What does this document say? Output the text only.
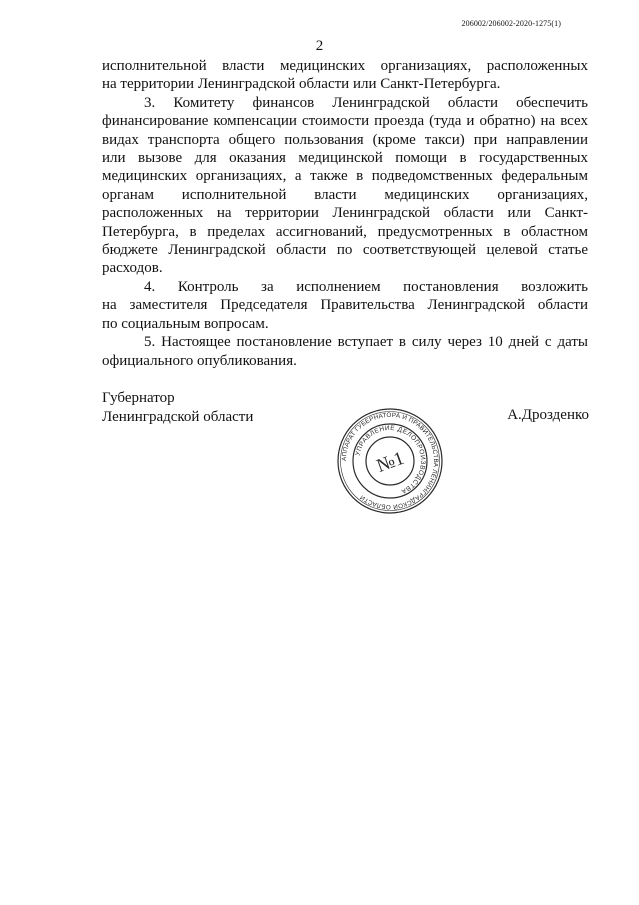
206002/206002-2020-1275(1)
2

исполнительной власти медицинских организациях, расположенных
на территории Ленинградской области или Санкт-Петербурга.

3. Комитету финансов Ленинградской области обеспечить
финансирование компенсации стоимости проезда (туда и обратно) на всех
видах транспорта общего пользования (кроме такси) при направлении
или вызове для оказания медицинской помощи в государственных
медицинских организациях, а также в подведомственных федеральным
органам исполнительной власти медицинских организациях,
расположенных на территории Ленинградской области или Санкт-
Петербурга, в пределах ассигнований, предусмотренных в областном
бюджете Ленинградской области по соответствующей целевой статье
расходов.

4. Контроль за исполнением постановления возложить
на заместителя Председателя Правительства Ленинградской области
по социальным вопросам.

5. Настоящее постановление вступает в силу через 10 дней с даты
официального опубликования.

Губернатор
Ленинградской области	А.Дрозденко
АППАРАТ ГУБЕРНАТОРА И ПРАВИТЕЛЬСТВА ЛЕНИНГРАДСКОЙ ОБЛАСТИ
УПРАВЛЕНИЕ ДЕЛОПРОИЗВОДСТВА
№1
